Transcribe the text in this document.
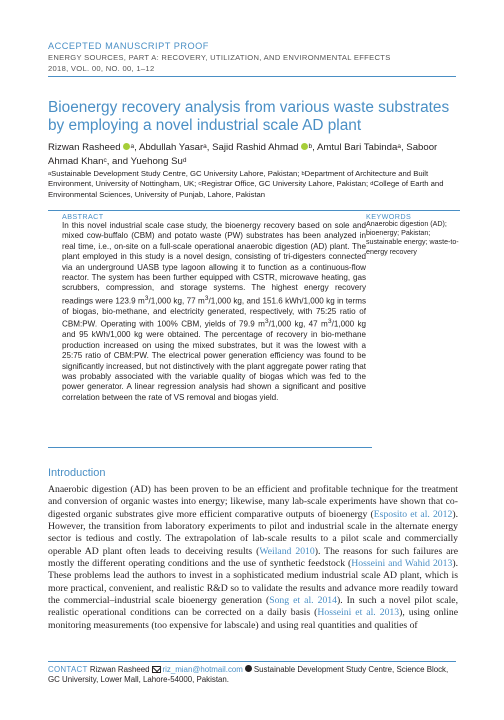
ACCEPTED MANUSCRIPT PROOF
ENERGY SOURCES, PART A: RECOVERY, UTILIZATION, AND ENVIRONMENTAL EFFECTS
2018, VOL. 00, NO. 00, 1–12
Bioenergy recovery analysis from various waste substrates
by employing a novel industrial scale AD plant
Rizwan Rasheed $^a$, Abdullah Yasar$^a$, Sajid Rashid Ahmad $^b$, Amtul Bari Tabinda$^a$, Saboor Ahmad Khan$^c$, and Yuehong Su$^d$
$^a$Sustainable Development Study Centre, GC University Lahore, Pakistan; $^b$Department of Architecture and Built Environment, University of Nottingham, UK; $^c$Registrar Office, GC University Lahore, Pakistan; $^d$College of Earth and Environmental Sciences, University of Punjab, Lahore, Pakistan
ABSTRACT
In this novel industrial scale case study, the bioenergy recovery based on sole and mixed cow-buffalo (CBM) and potato waste (PW) substrates has been analyzed in real time, i.e., on-site on a full-scale operational anaerobic digestion (AD) plant. The plant employed in this study is a novel design, consisting of tri-digesters connected via an underground UASB type lagoon allowing it to function as a continuous-flow reactor. The system has been further equipped with CSTR, microwave heating, gas scrubbers, compression, and storage systems. The highest energy recovery readings were 123.9 $m^3/1,000$ kg, 77 $m^3/1,000$ kg, and 151.6 kWh/1,000 kg in terms of biogas, bio-methane, and electricity generated, respectively, with 75:25 ratio of CBM:PW. Operating with 100% CBM, yields of 79.9 $m^3/1,000$ kg, 47 $m^3/1,000$ kg and 95 kWh/1,000 kg were obtained. The percentage of recovery in bio-methane production increased on using the mixed substrates, but it was the lowest with a 25:75 ratio of CBM:PW. The electrical power generation efficiency was found to be significantly increased, but not distinctively with the plant aggregate power rating that was probably associated with the variable quality of biogas which was fed to the power generator. A linear regression analysis had shown a significant and positive correlation between the rate of VS removal and biogas yield.
KEYWORDS
Anaerobic digestion (AD); bioenergy; Pakistan; sustainable energy; waste-to-energy recovery
Introduction
Anaerobic digestion (AD) has been proven to be an efficient and profitable technique for the treatment and conversion of organic wastes into energy; likewise, many lab-scale experiments have shown that co-digested organic substrates give more efficient comparative outputs of bioenergy (Esposito et al. 2012). However, the transition from laboratory experiments to pilot and industrial scale in the alternate energy sector is tedious and costly. The extrapolation of lab-scale results to a pilot scale and commercially operable AD plant often leads to deceiving results (Weiland 2010). The reasons for such failures are mostly the different operating conditions and the use of synthetic feedstock (Hosseini and Wahid 2013). These problems lead the authors to invest in a sophisticated medium industrial scale AD plant, which is more practical, convenient, and realistic R&D so to validate the results and advance more readily toward the commercial–industrial scale bioenergy generation (Song et al. 2014). In such a novel pilot scale, realistic operational conditions can be corrected on a daily basis (Hosseini et al. 2013), using online monitoring measurements (too expensive for labscale) and using real quantities and qualities of
CONTACT Rizwan Rasheed riz_mian@hotmail.com Sustainable Development Study Centre, Science Block, GC University, Lower Mall, Lahore-54000, Pakistan.
